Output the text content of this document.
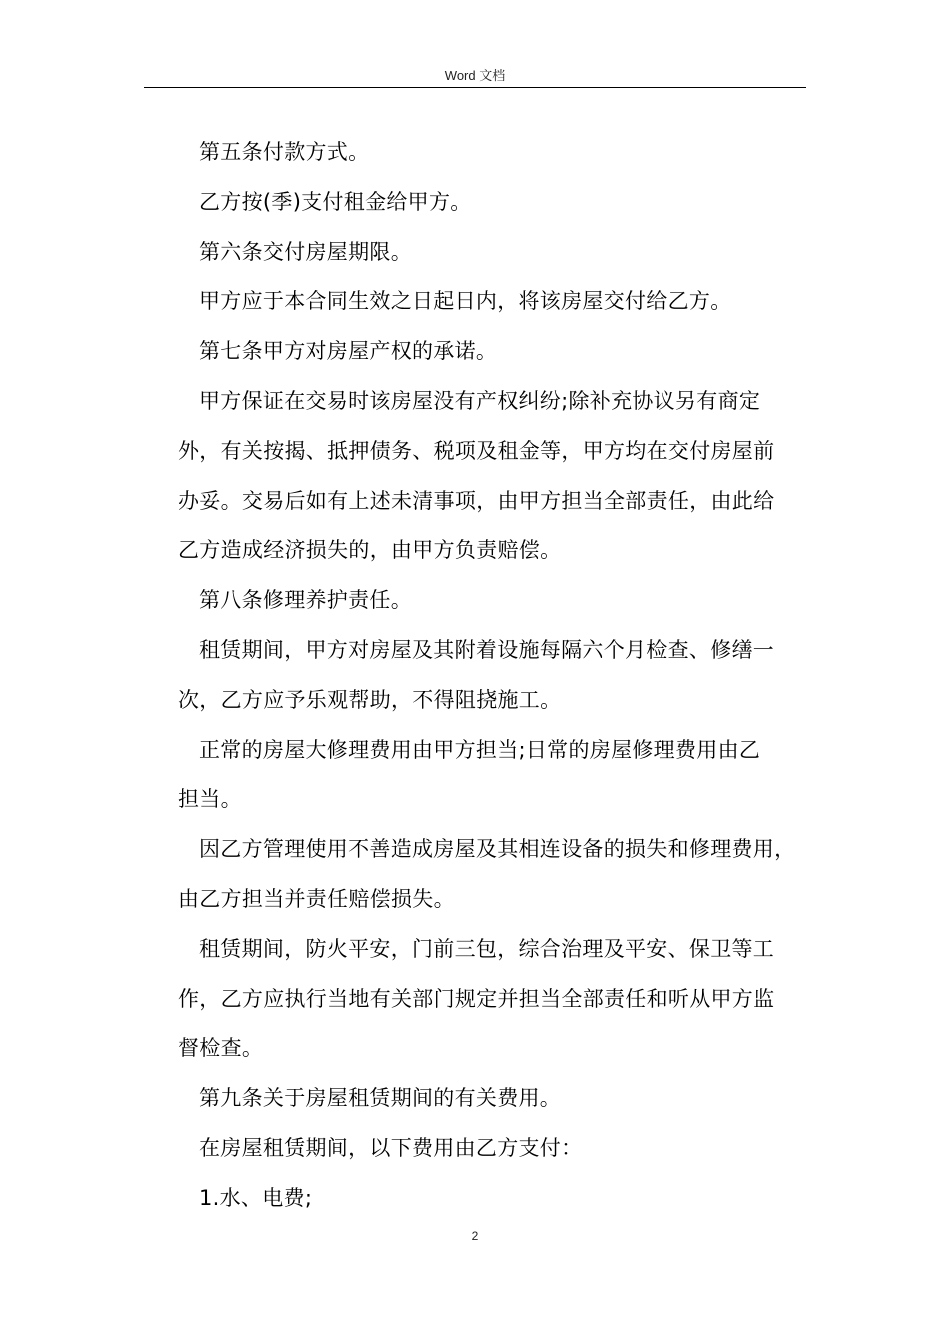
Word 文档

第五条付款方式。

乙方按(季)支付租金给甲方。

第六条交付房屋期限。

甲方应于本合同生效之日起日内，将该房屋交付给乙方。

第七条甲方对房屋产权的承诺。

甲方保证在交易时该房屋没有产权纠纷;除补充协议另有商定

外，有关按揭、抵押债务、税项及租金等，甲方均在交付房屋前

办妥。交易后如有上述未清事项，由甲方担当全部责任，由此给

乙方造成经济损失的，由甲方负责赔偿。

第八条修理养护责任。

租赁期间，甲方对房屋及其附着设施每隔六个月检查、修缮一

次，乙方应予乐观帮助，不得阻挠施工。

正常的房屋大修理费用由甲方担当;日常的房屋修理费用由乙

担当。

因乙方管理使用不善造成房屋及其相连设备的损失和修理费用，

由乙方担当并责任赔偿损失。

租赁期间，防火平安，门前三包，综合治理及平安、保卫等工

作，乙方应执行当地有关部门规定并担当全部责任和听从甲方监

督检查。

第九条关于房屋租赁期间的有关费用。

在房屋租赁期间，以下费用由乙方支付：

1.水、电费;

2
